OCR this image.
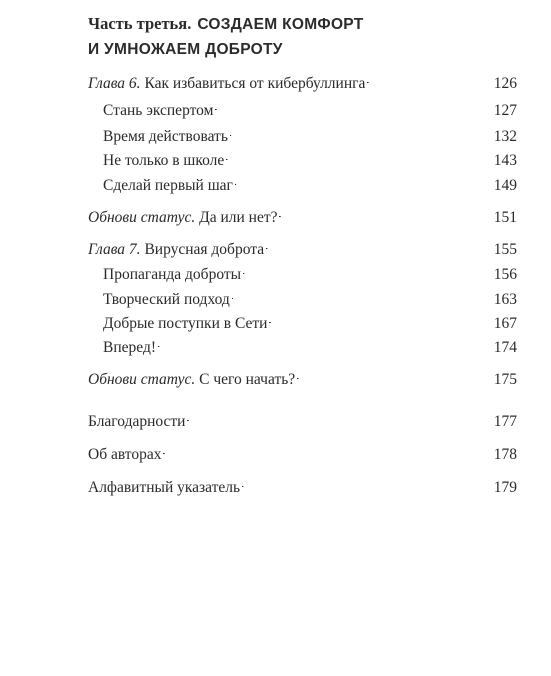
Часть третья. СОЗДАЕМ КОМФОРТ
И УМНОЖАЕМ ДОБРОТУ
Глава 6. Как избавиться от кибербуллинга . . .	126
Стань экспертом . . .	127
Время действовать . . .	132
Не только в школе . . .	143
Сделай первый шаг . . .	149
Обнови статус. Да или нет? . . .	151
Глава 7. Вирусная доброта . . .	155
Пропаганда доброты . . .	156
Творческий подход . . .	163
Добрые поступки в Сети . . .	167
Вперед! . . .	174
Обнови статус. С чего начать? . . .	175
Благодарности . . .	177
Об авторах . . .	178
Алфавитный указатель . . .	179
